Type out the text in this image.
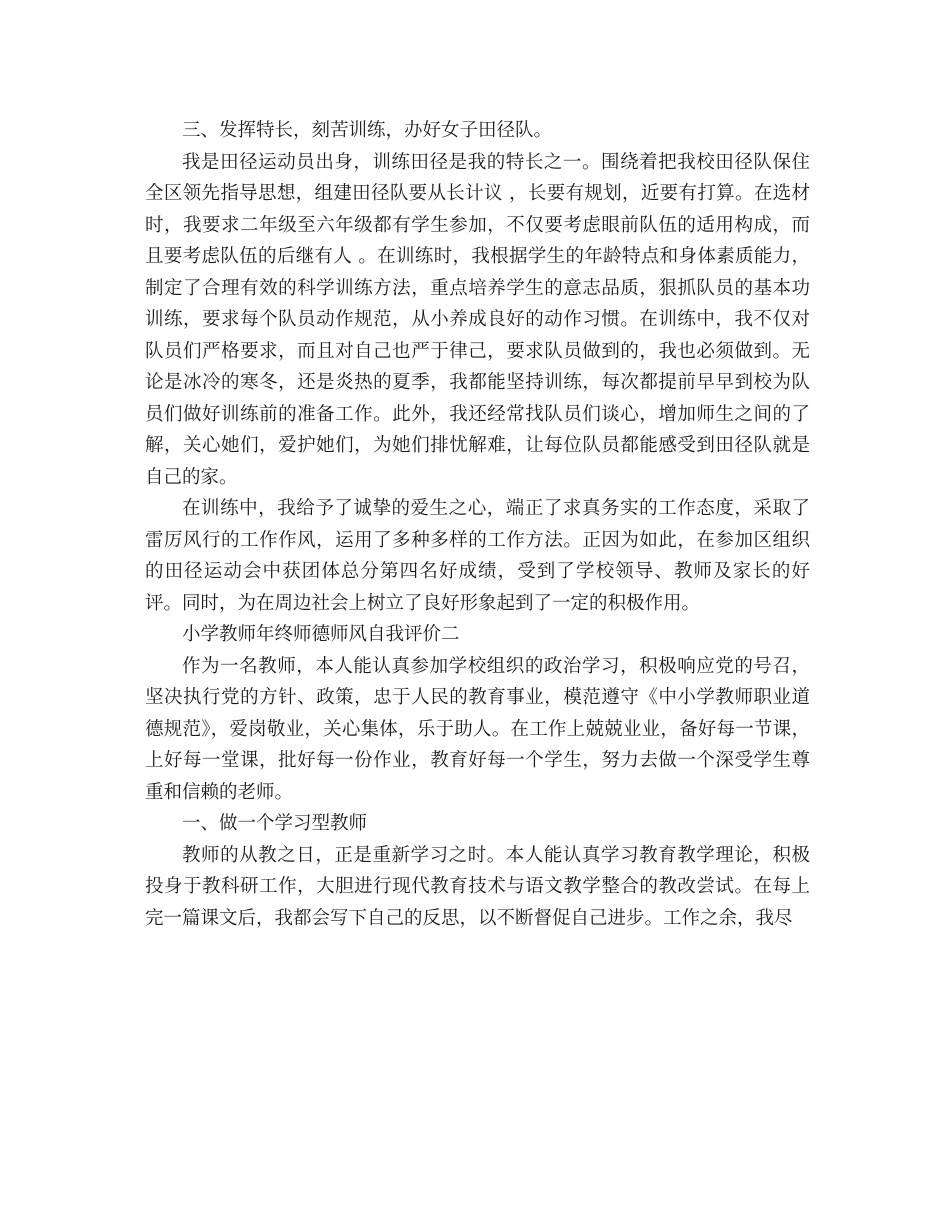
三、发挥特长，刻苦训练，办好女子田径队。

我是田径运动员出身，训练田径是我的特长之一。围绕着把我校田径队保住全区领先指导思想，组建田径队要从长计议 ，长要有规划，近要有打算。在选材时，我要求二年级至六年级都有学生参加，不仅要考虑眼前队伍的适用构成，而且要考虑队伍的后继有人 。在训练时，我根据学生的年龄特点和身体素质能力，制定了合理有效的科学训练方法，重点培养学生的意志品质，狠抓队员的基本功训练，要求每个队员动作规范，从小养成良好的动作习惯。在训练中，我不仅对队员们严格要求，而且对自己也严于律己，要求队员做到的，我也必须做到。无论是冰冷的寒冬，还是炎热的夏季，我都能坚持训练，每次都提前早早到校为队员们做好训练前的准备工作。此外，我还经常找队员们谈心，增加师生之间的了解，关心她们，爱护她们，为她们排忧解难，让每位队员都能感受到田径队就是自己的家。

在训练中，我给予了诚挚的爱生之心，端正了求真务实的工作态度，采取了雷厉风行的工作作风，运用了多种多样的工作方法。正因为如此，在参加区组织的田径运动会中获团体总分第四名好成绩，受到了学校领导、教师及家长的好评。同时，为在周边社会上树立了良好形象起到了一定的积极作用。

小学教师年终师德师风自我评价二

作为一名教师，本人能认真参加学校组织的政治学习，积极响应党的号召，坚决执行党的方针、政策，忠于人民的教育事业，模范遵守《中小学教师职业道德规范》，爱岗敬业，关心集体，乐于助人。在工作上兢兢业业，备好每一节课，上好每一堂课，批好每一份作业，教育好每一个学生，努力去做一个深受学生尊重和信赖的老师。

一、做一个学习型教师

教师的从教之日，正是重新学习之时。本人能认真学习教育教学理论，积极投身于教科研工作，大胆进行现代教育技术与语文教学整合的教改尝试。在每上完一篇课文后，我都会写下自己的反思，以不断督促自己进步。工作之余，我尽
